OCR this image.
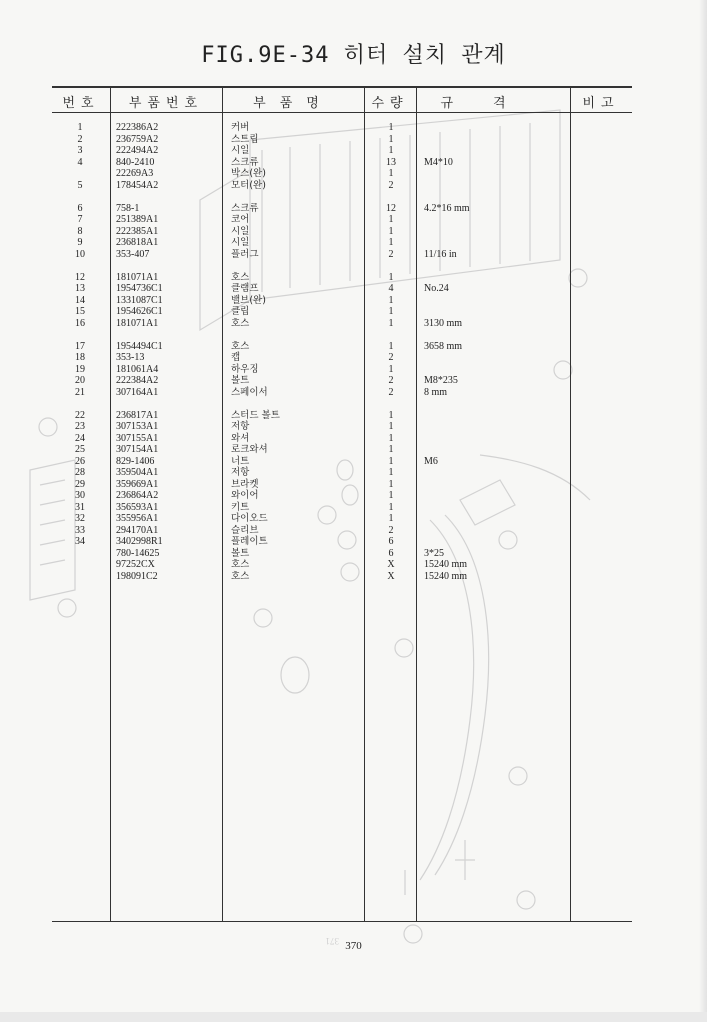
371
FIG.9E-34 히터 설치 관계
번호	부품번호	부품명	수량	규격	비고
1	222386A2	커버	1
2	236759A2	스트립	1
3	222494A2	시일	1
4	840-2410	스크류	13	M4*10
22269A3	박스(완)	1
5	178454A2	모터(완)	2
6	758-1	스크류	12	4.2*16 mm
7	251389A1	코어	1
8	222385A1	시일	1
9	236818A1	시일	1
10	353-407	플러그	2	11/16 in
12	181071A1	호스	1
13	1954736C1	클램프	4	No.24
14	1331087C1	밸브(완)	1
15	1954626C1	클립	1
16	181071A1	호스	1	3130 mm
17	1954494C1	호스	1	3658 mm
18	353-13	캡	2
19	181061A4	하우징	1
20	222384A2	볼트	2	M8*235
21	307164A1	스페이서	2	8 mm
22	236817A1	스터드 볼트	1
23	307153A1	저항	1
24	307155A1	와셔	1
25	307154A1	로크와셔	1
26	829-1406	너트	1	M6
28	359504A1	저항	1
29	359669A1	브라켓	1
30	236864A2	와이어	1
31	356593A1	키트	1
32	355956A1	다이오드	1
33	294170A1	슬리브	2
34	3402998R1	플레이트	6
780-14625	볼트	6	3*25
97252CX	호스	X	15240 mm
198091C2	호스	X	15240 mm
370
